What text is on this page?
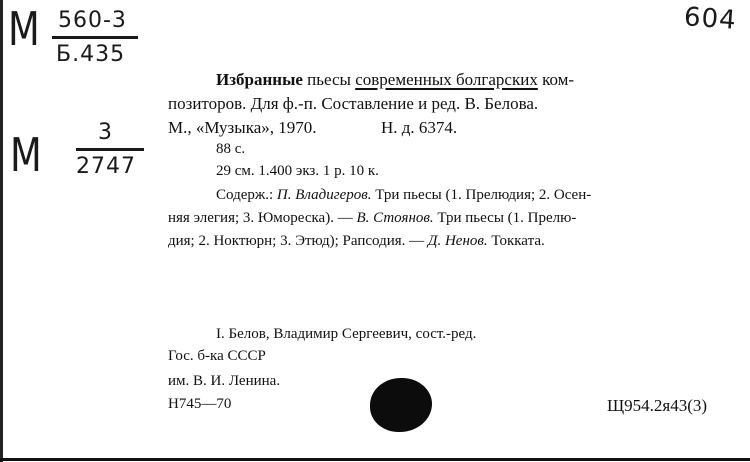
M 560-3
Б.435
M	3
2747
604
Избранные пьесы современных болгарских ком-
позиторов. Для ф.-п. Составление и ред. В. Белова.
М., «Музыка», 1970.	Н. д. 6374.
88 с.
29 см. 1.400 экз. 1 р. 10 к.
Содерж.: П. Владигеров. Три пьесы (1. Прелюдия; 2. Осен-
няя элегия; 3. Юмореска). — В. Стоянов. Три пьесы (1. Прелю-
дия; 2. Ноктюрн; 3. Этюд); Рапсодия. — Д. Ненов. Токката.
I. Белов, Владимир Сергеевич, сост.-ред.
Гос. б-ка СССР
им. В. И. Ленина.
Н745—70	Щ954.2я43(3)
